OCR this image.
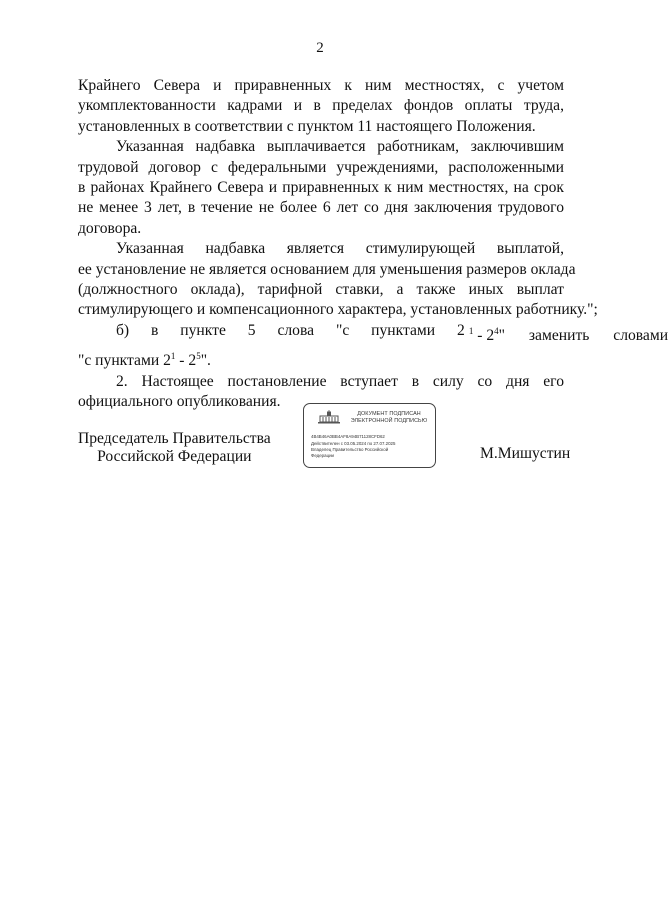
2
Крайнего Севера и приравненных к ним местностях, с учетом
укомплектованности кадрами и в пределах фондов оплаты труда,
установленных в соответствии с пунктом 11 настоящего Положения.
Указанная надбавка выплачивается работникам, заключившим
трудовой договор с федеральными учреждениями, расположенными
в районах Крайнего Севера и приравненных к ним местностях, на срок
не менее 3 лет, в течение не более 6 лет со дня заключения трудового
договора.
Указанная надбавка является стимулирующей выплатой,
ее установление не является основанием для уменьшения размеров оклада
(должностного оклада), тарифной ставки, а также иных выплат
стимулирующего и компенсационного характера, установленных работнику.";
б) в пункте 5 слова "с пунктами 2 $^1 - 2^4$" заменить словами
"с пунктами $2^1 - 2^5$".
2. Настоящее постановление вступает в силу со дня его
официального опубликования.
Председатель Правительства
Российской Федерации
ДОКУМЕНТ ПОДПИСАН
ЭЛЕКТРОННОЙ ПОДПИСЬЮ
4B4B46A0BB4AF8A94B71128CFD62
Действителен с 03.05.2024 по 27.07.2025
Владелец Правительство Российской
Федерации	М.Мишустин
